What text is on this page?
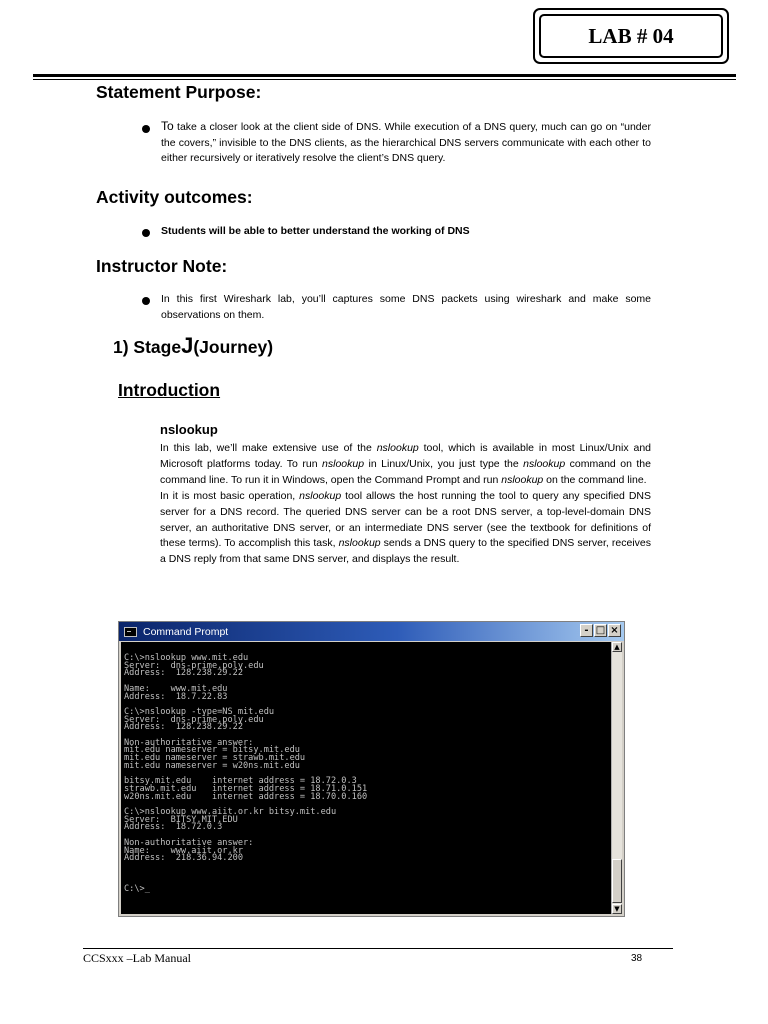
LAB # 04
Statement Purpose:

To take a closer look at the client side of DNS. While execution of a DNS query, much can go on “under the covers,” invisible to the DNS clients, as the hierarchical DNS servers communicate with each other to either recursively or iteratively resolve the client’s DNS query.

Activity outcomes:

Students will be able to better understand the working of DNS

Instructor Note:

In this first Wireshark lab, you’ll captures some DNS packets using wireshark and make some observations on them.

1) StageJ(Journey)
Introduction
nslookup

In this lab, we’ll make extensive use of the nslookup tool, which is available in most Linux/Unix and Microsoft platforms today. To run nslookup in Linux/Unix, you just type the nslookup command on the command line. To run it in Windows, open the Command Prompt and run nslookup on the command line.

In it is most basic operation, nslookup tool allows the host running the tool to query any specified DNS server for a DNS record. The queried DNS server can be a root DNS server, a top-level-domain DNS server, an authoritative DNS server, or an intermediate DNS server (see the textbook for definitions of these terms). To accomplish this task, nslookup sends a DNS query to the specified DNS server, receives a DNS reply from that same DNS server, and displays the result.

Command Prompt	- □ ×
C:\>nslookup www.mit.edu
Server:  dns-prime.poly.edu
Address:  128.238.29.22

Name:    www.mit.edu
Address:  18.7.22.83

C:\>nslookup -type=NS mit.edu
Server:  dns-prime.poly.edu
Address:  128.238.29.22

Non-authoritative answer:
mit.edu nameserver = bitsy.mit.edu
mit.edu nameserver = strawb.mit.edu
mit.edu nameserver = w20ns.mit.edu

bitsy.mit.edu    internet address = 18.72.0.3
strawb.mit.edu   internet address = 18.71.0.151
w20ns.mit.edu    internet address = 18.70.0.160

C:\>nslookup www.aiit.or.kr bitsy.mit.edu
Server:  BITSY.MIT.EDU
Address:  18.72.0.3

Non-authoritative answer:
Name:    www.aiit.or.kr
Address:  218.36.94.200

C:\>_
▲
▼

CCSxxx –Lab Manual	38
